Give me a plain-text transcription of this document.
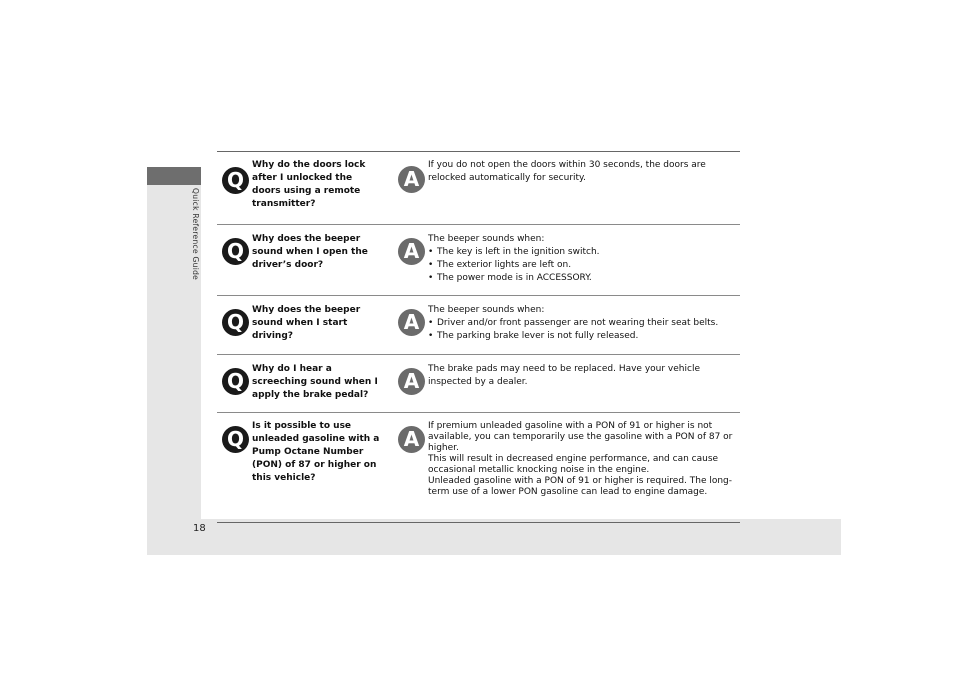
Quick Reference Guide
18
Q
Why do the doors lock after I unlocked the doors using a remote transmitter?
A
If you do not open the doors within 30 seconds, the doors are relocked automatically for security.
Q Why does the beeper sound when I open the driver’s door?
A The beeper sounds when:
• The key is left in the ignition switch.
• The exterior lights are left on.
• The power mode is in ACCESSORY.
Q Why does the beeper sound when I start driving?
A The beeper sounds when:
• Driver and/or front passenger are not wearing their seat belts.
• The parking brake lever is not fully released.
Q Why do I hear a screeching sound when I apply the brake pedal?
A The brake pads may need to be replaced. Have your vehicle inspected by a dealer.
Q
Is it possible to use unleaded gasoline with a Pump Octane Number (PON) of 87 or higher on this vehicle?
A

If premium unleaded gasoline with a PON of 91 or higher is not available, you can temporarily use the gasoline with a PON of 87 or higher.

This will result in decreased engine performance, and can cause occasional metallic knocking noise in the engine.

Unleaded gasoline with a PON of 91 or higher is required. The long-term use of a lower PON gasoline can lead to engine damage.
